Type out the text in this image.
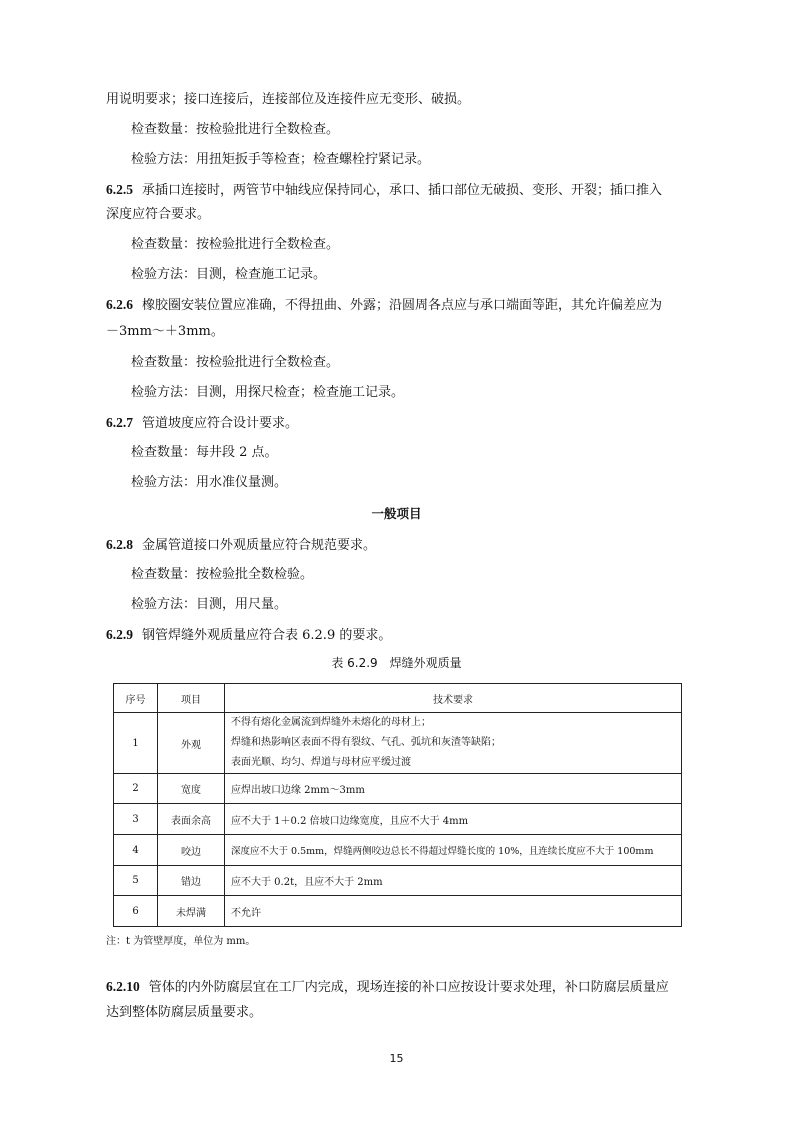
用说明要求；接口连接后，连接部位及连接件应无变形、破损。
检查数量：按检验批进行全数检查。
检验方法：用扭矩扳手等检查；检查螺栓拧紧记录。
6.2.5 承插口连接时，两管节中轴线应保持同心，承口、插口部位无破损、变形、开裂；插口推入
深度应符合要求。
检查数量：按检验批进行全数检查。
检验方法：目测，检查施工记录。
6.2.6 橡胶圈安装位置应准确，不得扭曲、外露；沿圆周各点应与承口端面等距，其允许偏差应为
－3mm～＋3mm。
检查数量：按检验批进行全数检查。
检验方法：目测，用探尺检查；检查施工记录。
6.2.7 管道坡度应符合设计要求。
检查数量：每井段 2 点。
检验方法：用水准仪量测。
一般项目
6.2.8 金属管道接口外观质量应符合规范要求。
检查数量：按检验批全数检验。
检验方法：目测，用尺量。
6.2.9 钢管焊缝外观质量应符合表 6.2.9 的要求。
表 6.2.9 焊缝外观质量
序号	项目	技术要求
1	外观	不得有熔化金属流到焊缝外未熔化的母材上；
焊缝和热影响区表面不得有裂纹、气孔、弧坑和灰渣等缺陷；
表面光顺、均匀、焊道与母材应平缓过渡

2	宽度	应焊出坡口边缘 2mm～3mm
3	表面余高	应不大于 1＋0.2 倍坡口边缘宽度，且应不大于 4mm
4	咬边	深度应不大于 0.5mm，焊缝两侧咬边总长不得超过焊缝长度的 10%，且连续长度应不大于 100mm
5	错边	应不大于 0.2t，且应不大于 2mm
6	未焊满	不允许
注：t 为管壁厚度，单位为 mm。
6.2.10 管体的内外防腐层宜在工厂内完成，现场连接的补口应按设计要求处理，补口防腐层质量应
达到整体防腐层质量要求。
15
